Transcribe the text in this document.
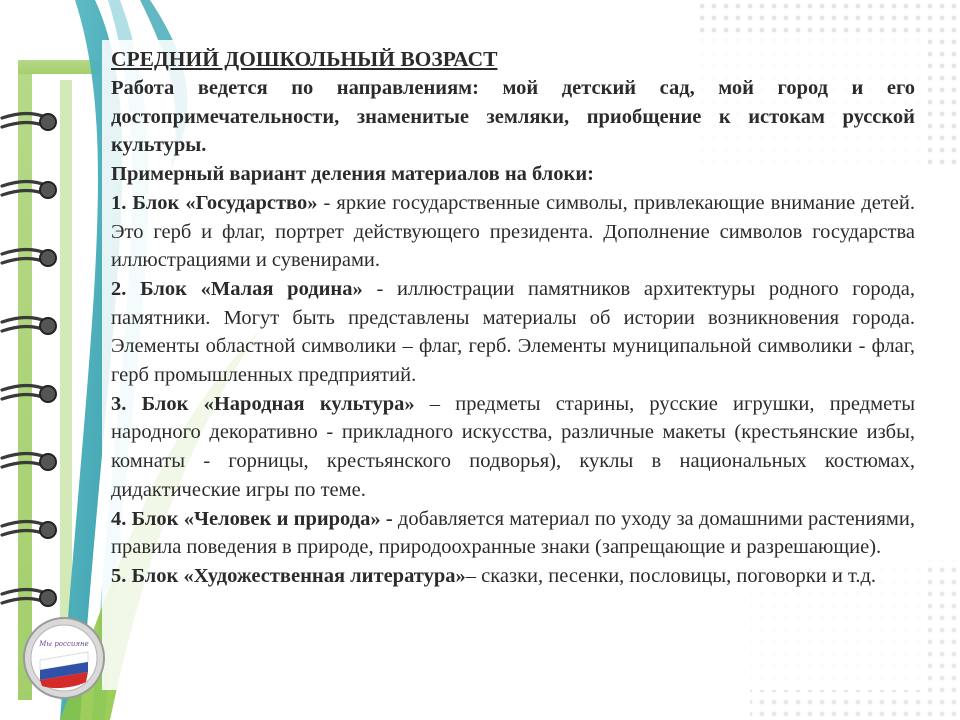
Мы россияне

СРЕДНИЙ ДОШКОЛЬНЫЙ ВОЗРАСТ

Работа ведется по направлениям: мой детский сад, мой город и его достопримечательности, знаменитые земляки, приобщение к истокам русской культуры.

Примерный вариант деления материалов на блоки:

1. Блок «Государство» - яркие государственные символы, привлекающие внимание детей. Это герб и флаг, портрет действующего президента. Дополнение символов государства иллюстрациями и сувенирами.

2. Блок «Малая родина» - иллюстрации памятников архитектуры родного города, памятники. Могут быть представлены материалы об истории возникновения города. Элементы областной символики – флаг, герб. Элементы муниципальной символики - флаг, герб промышленных предприятий.

3. Блок «Народная культура» – предметы старины, русские игрушки, предметы народного декоративно - прикладного искусства, различные макеты (крестьянские избы, комнаты - горницы, крестьянского подворья), куклы в национальных костюмах, дидактические игры по теме.

4. Блок «Человек и природа» - добавляется материал по уходу за домашними растениями, правила поведения в природе, природоохранные знаки (запрещающие и разрешающие).

5. Блок «Художественная литература»– сказки, песенки, пословицы, поговорки и т.д.
